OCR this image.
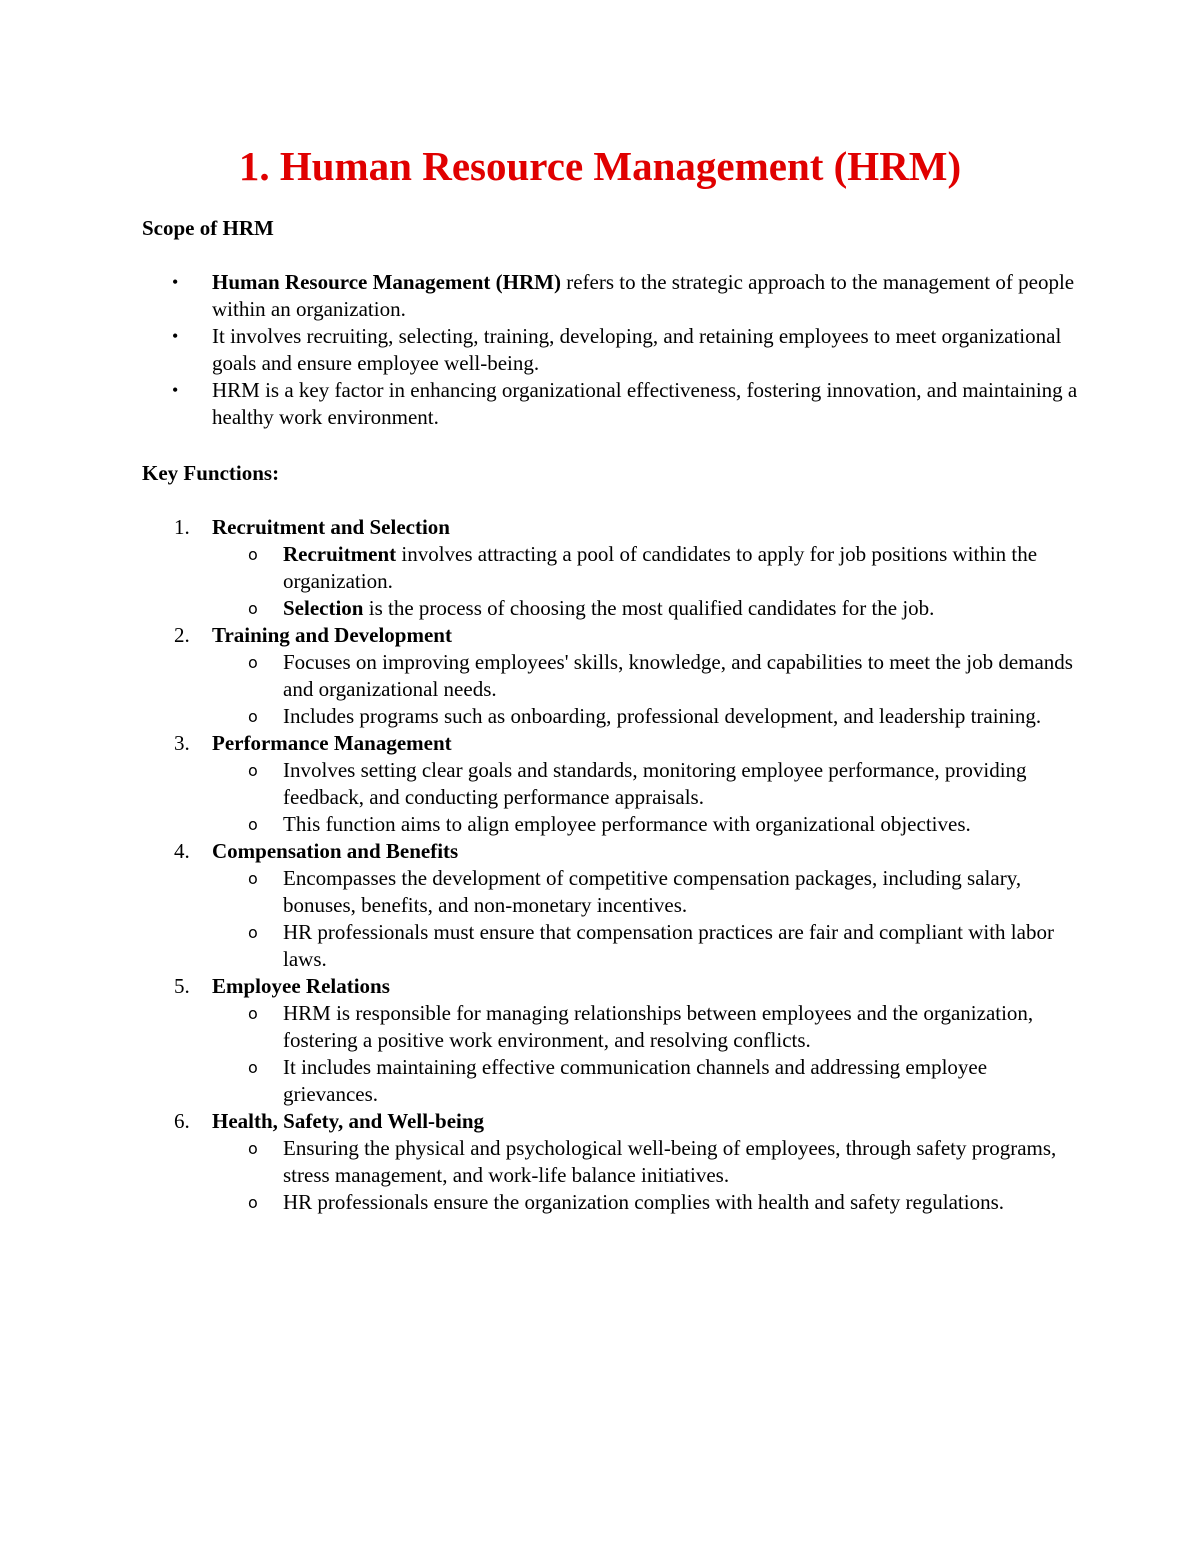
1. Human Resource Management (HRM)

Scope of HRM

• Human Resource Management (HRM) refers to the strategic approach to the management of people within an organization.
• It involves recruiting, selecting, training, developing, and retaining employees to meet organizational goals and ensure employee well-being.
• HRM is a key factor in enhancing organizational effectiveness, fostering innovation, and maintaining a healthy work environment.

Key Functions:

1. Recruitment and Selection
o Recruitment involves attracting a pool of candidates to apply for job positions within the organization.
o Selection is the process of choosing the most qualified candidates for the job.
2. Training and Development
o Focuses on improving employees' skills, knowledge, and capabilities to meet the job demands and organizational needs.
o Includes programs such as onboarding, professional development, and leadership training.
3. Performance Management
o Involves setting clear goals and standards, monitoring employee performance, providing feedback, and conducting performance appraisals.
o This function aims to align employee performance with organizational objectives.
4. Compensation and Benefits
o Encompasses the development of competitive compensation packages, including salary, bonuses, benefits, and non-monetary incentives.
o HR professionals must ensure that compensation practices are fair and compliant with labor laws.
5. Employee Relations
o HRM is responsible for managing relationships between employees and the organization, fostering a positive work environment, and resolving conflicts.
o It includes maintaining effective communication channels and addressing employee grievances.
6. Health, Safety, and Well-being
o Ensuring the physical and psychological well-being of employees, through safety programs, stress management, and work-life balance initiatives.
o HR professionals ensure the organization complies with health and safety regulations.
